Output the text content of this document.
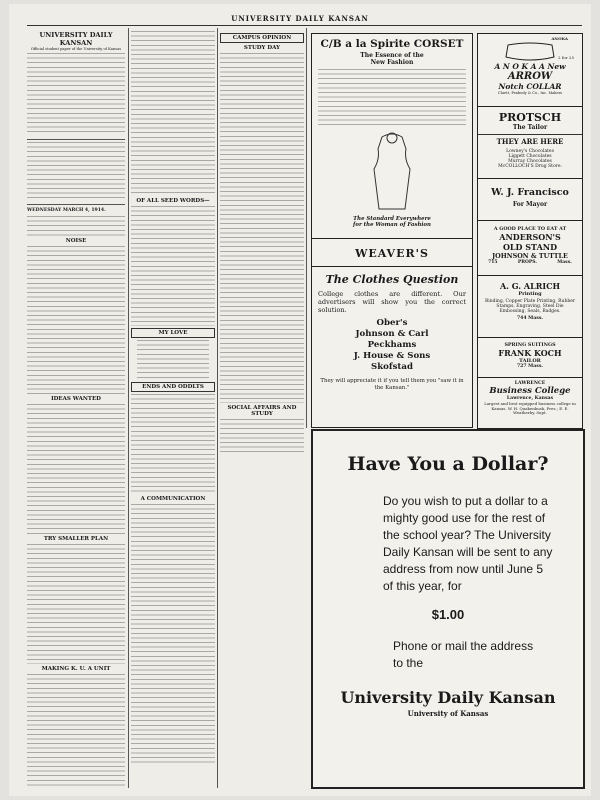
UNIVERSITY DAILY KANSAN
UNIVERSITY DAILY KANSAN
Official student paper of the University of Kansas
WEDNESDAY MARCH 4, 1914.
NOISE
IDEAS WANTED
TRY SMALLER PLAN
MAKING K. U. A UNIT
OF ALL SEED WORDS—
MY LOVE
ENDS AND ODDLTS
A COMMUNICATION
CAMPUS OPINION
STUDY DAY
SOCIAL AFFAIRS AND STUDY
C/B a la Spirite CORSET
The Essence of the
New Fashion
The Standard Everywhere
for the Woman of Fashion
WEAVER'S
The Clothes Question
College clothes are different. Our advertisers will show you the correct solution.
Ober's
Johnson & Carl
Peckhams
J. House & Sons
Skofstad
They will appreciate it if you tell them you "saw it in the Kansan."
ANOKA
2 for 25
A N O K A A New
ARROW
Notch COLLAR
Cluett, Peabody & Co., Inc. Makers
PROTSCH
The Tailor
THEY ARE HERE
Lowney's Chocolates
Liggett Chocolates
Murray Chocolates
McCOLLOCH'S Drug Store.
W. J. Francisco
For Mayor
A GOOD PLACE TO EAT AT
ANDERSON'S
OLD STAND
JOHNSON & TUTTLE
715	PROPS.	Mass.
A. G. ALRICH
Printing
Binding, Copper Plate Printing, Rubber Stamps, Engraving, Steel Die Embossing, Seals, Badges.
744 Mass.
SPRING SUITINGS
FRANK KOCH
TAILOR
727 Mass.
LAWRENCE
Business College
Lawrence, Kansas
Largest and best equipped business college in Kansas. W. H. Quakenbush, Pres.; E. E. Weatherby, Supt.
Have You a Dollar?
Do you wish to put a dollar to a mighty good use for the rest of the school year? The University Daily Kansan will be sent to any address from now until June 5 of this year, for
$1.00
Phone or mail the address to the
University Daily Kansan
University of Kansas
